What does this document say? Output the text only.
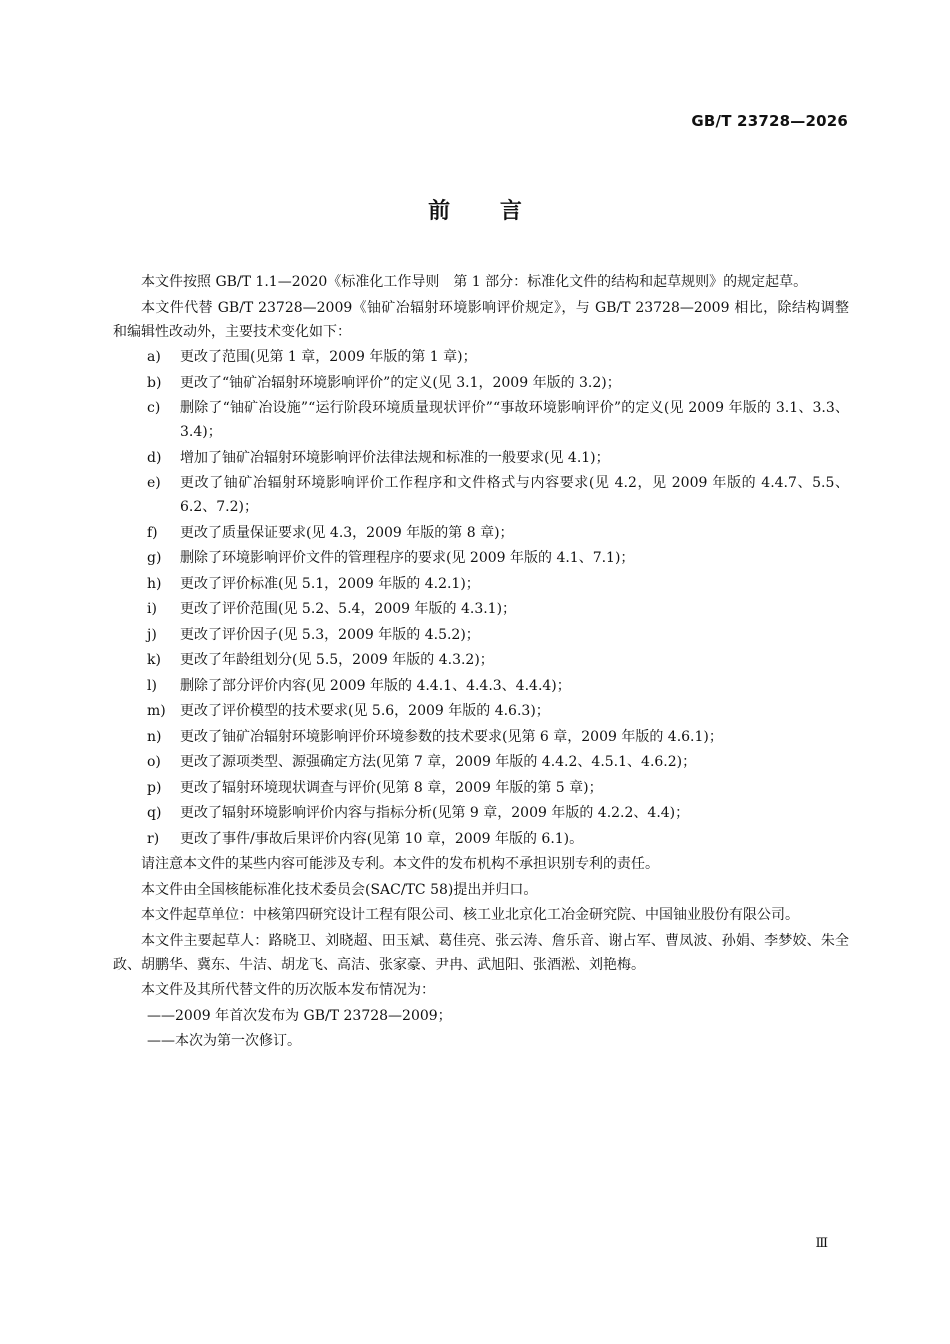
GB/T 23728—2026
前 言

本文件按照 GB/T 1.1—2020《标准化工作导则　第 1 部分：标准化文件的结构和起草规则》的规定起草。

本文件代替 GB/T 23728—2009《铀矿冶辐射环境影响评价规定》，与 GB/T 23728—2009 相比，除结构调整和编辑性改动外，主要技术变化如下：

a) 更改了范围(见第 1 章，2009 年版的第 1 章)；
b) 更改了“铀矿冶辐射环境影响评价”的定义(见 3.1，2009 年版的 3.2)；
c) 删除了“铀矿冶设施”“运行阶段环境质量现状评价”“事故环境影响评价”的定义(见 2009 年版的 3.1、3.3、3.4)；
d) 增加了铀矿冶辐射环境影响评价法律法规和标准的一般要求(见 4.1)；
e) 更改了铀矿冶辐射环境影响评价工作程序和文件格式与内容要求(见 4.2，见 2009 年版的 4.4.7、5.5、6.2、7.2)；
f) 更改了质量保证要求(见 4.3，2009 年版的第 8 章)；
g) 删除了环境影响评价文件的管理程序的要求(见 2009 年版的 4.1、7.1)；
h) 更改了评价标准(见 5.1，2009 年版的 4.2.1)；
i) 更改了评价范围(见 5.2、5.4，2009 年版的 4.3.1)；
j) 更改了评价因子(见 5.3，2009 年版的 4.5.2)；
k) 更改了年龄组划分(见 5.5，2009 年版的 4.3.2)；
l) 删除了部分评价内容(见 2009 年版的 4.4.1、4.4.3、4.4.4)；
m) 更改了评价模型的技术要求(见 5.6，2009 年版的 4.6.3)；
n) 更改了铀矿冶辐射环境影响评价环境参数的技术要求(见第 6 章，2009 年版的 4.6.1)；
o) 更改了源项类型、源强确定方法(见第 7 章，2009 年版的 4.4.2、4.5.1、4.6.2)；
p) 更改了辐射环境现状调查与评价(见第 8 章，2009 年版的第 5 章)；
q) 更改了辐射环境影响评价内容与指标分析(见第 9 章，2009 年版的 4.2.2、4.4)；
r) 更改了事件/事故后果评价内容(见第 10 章，2009 年版的 6.1)。

请注意本文件的某些内容可能涉及专利。本文件的发布机构不承担识别专利的责任。

本文件由全国核能标准化技术委员会(SAC/TC 58)提出并归口。

本文件起草单位：中核第四研究设计工程有限公司、核工业北京化工冶金研究院、中国铀业股份有限公司。

本文件主要起草人：路晓卫、刘晓超、田玉斌、葛佳亮、张云涛、詹乐音、谢占军、曹凤波、孙娟、李梦姣、朱全政、胡鹏华、冀东、牛洁、胡龙飞、高洁、张家豪、尹冉、武旭阳、张酒淞、刘艳梅。

本文件及其所代替文件的历次版本发布情况为：

——2009 年首次发布为 GB/T 23728—2009；
——本次为第一次修订。
Ⅲ
